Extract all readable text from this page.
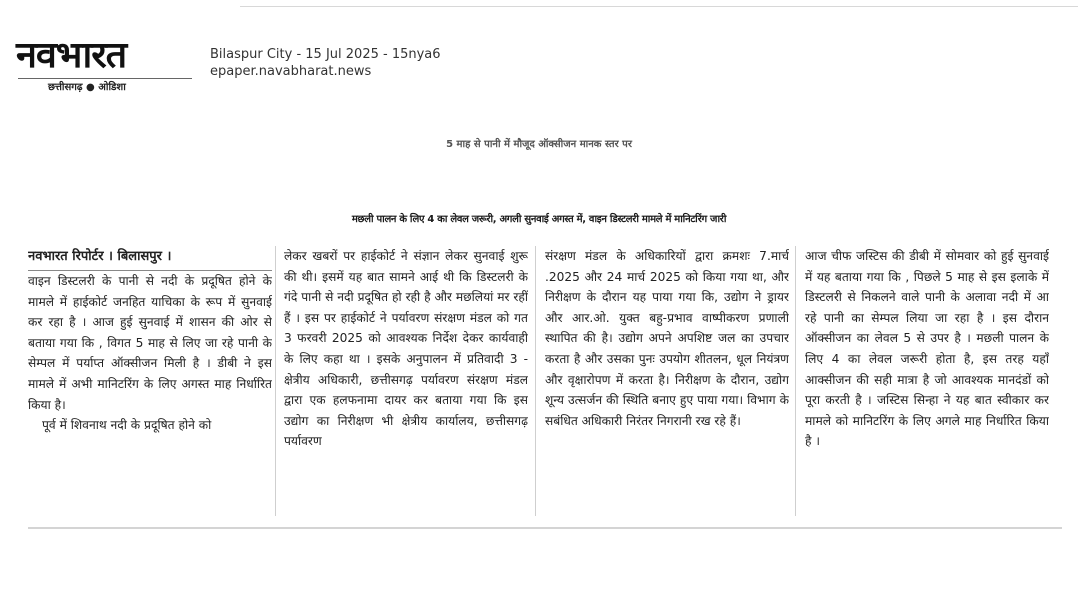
नवभारत
छत्तीसगढ़ ● ओडिशा
Bilaspur City - 15 Jul 2025 - 15nya6
epaper.navabharat.news
5 माह से पानी में मौजूद ऑक्सीजन मानक स्तर पर
मछली पालन के लिए 4 का लेवल जरूरी, अगली सुनवाई अगस्त में, वाइन डिस्टलरी मामले में मानिटरिंग जारी

नवभारत रिपोर्टर । बिलासपुर ।

वाइन डिस्टलरी के पानी से नदी के प्रदूषित होने के मामले में हाईकोर्ट जनहित याचिका के रूप में सुनवाई कर रहा है । आज हुई सुनवाई में शासन की ओर से बताया गया कि , विगत 5 माह से लिए जा रहे पानी के सेम्पल में पर्याप्त ऑक्सीजन मिली है । डीबी ने इस मामले में अभी मानिटरिंग के लिए अगस्त माह निर्धारित किया है।

पूर्व में शिवनाथ नदी के प्रदूषित होने को

लेकर खबरों पर हाईकोर्ट ने संज्ञान लेकर सुनवाई शुरू की थी। इसमें यह बात सामने आई थी कि डिस्टलरी के गंदे पानी से नदी प्रदूषित हो रही है और मछलियां मर रहीं हैं । इस पर हाईकोर्ट ने पर्यावरण संरक्षण मंडल को गत 3 फरवरी 2025 को आवश्यक निर्देश देकर कार्यवाही के लिए कहा था । इसके अनुपालन में प्रतिवादी 3 - क्षेत्रीय अधिकारी, छत्तीसगढ़ पर्यावरण संरक्षण मंडल द्वारा एक हलफनामा दायर कर बताया गया कि इस उद्योग का निरीक्षण भी क्षेत्रीय कार्यालय, छत्तीसगढ़ पर्यावरण

संरक्षण मंडल के अधिकारियों द्वारा क्रमशः 7.मार्च .2025 और 24 मार्च 2025 को किया गया था, और निरीक्षण के दौरान यह पाया गया कि, उद्योग ने ड्रायर और आर.ओ. युक्त बहु-प्रभाव वाष्पीकरण प्रणाली स्थापित की है। उद्योग अपने अपशिष्ट जल का उपचार करता है और उसका पुनः उपयोग शीतलन, धूल नियंत्रण और वृक्षारोपण में करता है। निरीक्षण के दौरान, उद्योग शून्य उत्सर्जन की स्थिति बनाए हुए पाया गया। विभाग के सबंधित अधिकारी निरंतर निगरानी रख रहे हैं।

आज चीफ जस्टिस की डीबी में सोमवार को हुई सुनवाई में यह बताया गया कि , पिछले 5 माह से इस इलाके में डिस्टलरी से निकलने वाले पानी के अलावा नदी में आ रहे पानी का सेम्पल लिया जा रहा है । इस दौरान ऑक्सीजन का लेवल 5 से उपर है । मछली पालन के लिए 4 का लेवल जरूरी होता है, इस तरह यहाँ आक्सीजन की सही मात्रा है जो आवश्यक मानदंडों को पूरा करती है । जस्टिस सिन्हा ने यह बात स्वीकार कर मामले को मानिटरिंग के लिए अगले माह निर्धारित किया है ।
